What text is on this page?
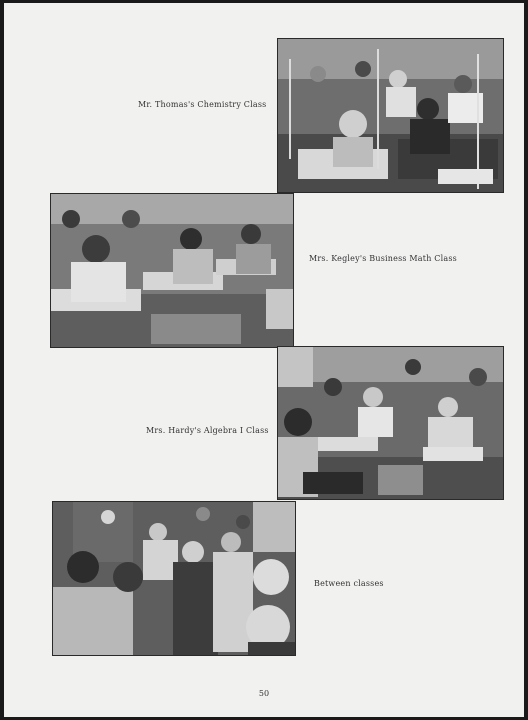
Mr. Thomas's Chemistry Class
Mrs. Kegley's Business Math Class
Mrs. Hardy's Algebra I Class
Between classes
50
